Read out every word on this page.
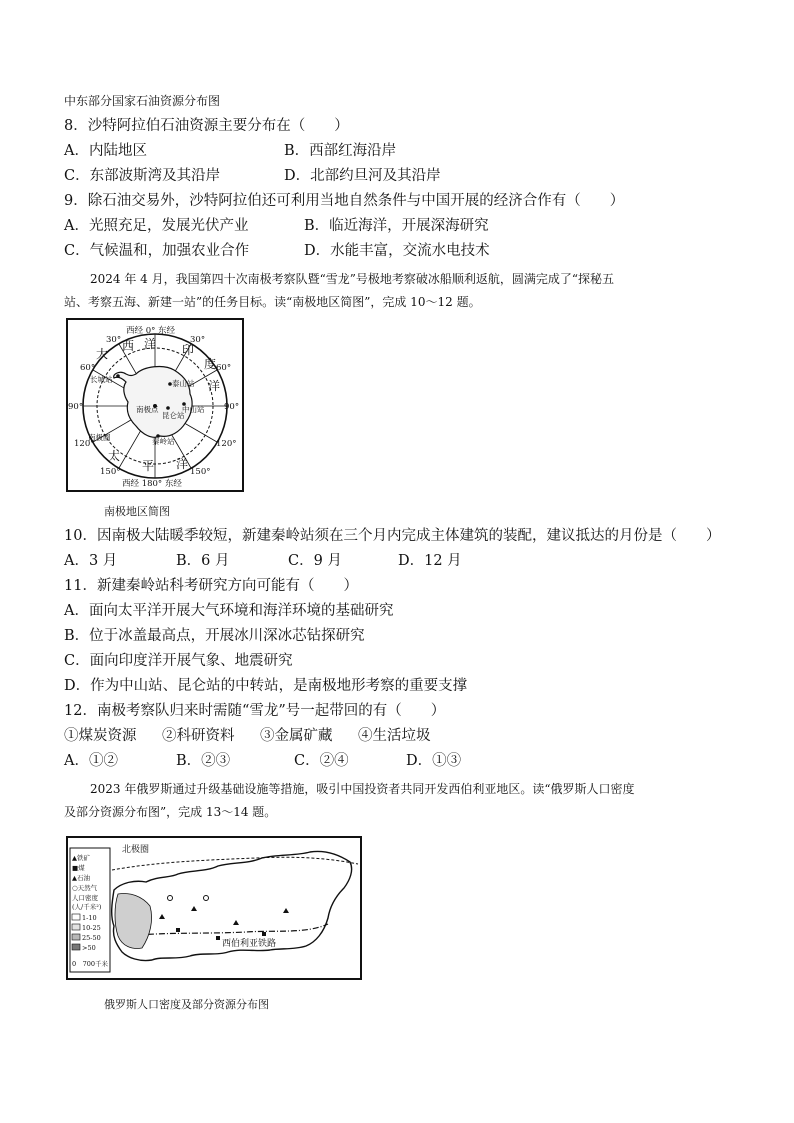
中东部分国家石油资源分布图
8．沙特阿拉伯石油资源主要分布在（　　）
A．内陆地区	B．西部红海沿岸
C．东部波斯湾及其沿岸	D．北部约旦河及其沿岸
9．除石油交易外，沙特阿拉伯还可利用当地自然条件与中国开展的经济合作有（　　）
A．光照充足，发展光伏产业	B．临近海洋，开展深海研究
C．气候温和，加强农业合作	D．水能丰富，交流水电技术
2024 年 4 月，我国第四十次南极考察队暨“雪龙”号极地考察破冰船顺利返航，圆满完成了“探秘五
站、考察五海、新建一站”的任务目标。读“南极地区简图”，完成 10～12 题。
西经 0° 东经
西经 180° 东经
30°	30°
60°	60°
90°	90°
120°	120°
150°	150°
大
西 洋 印
度
洋
太
平 洋
长城站
中山站
泰山站
昆仑站
南极点
秦岭站
南极圈
南极地区简图
10．因南极大陆暖季较短，新建秦岭站须在三个月内完成主体建筑的装配，建议抵达的月份是（　　）
A．3 月	B．6 月	C．9 月	D．12 月
11．新建秦岭站科考研究方向可能有（　　）
A．面向太平洋开展大气环境和海洋环境的基础研究
B．位于冰盖最高点，开展冰川深冰芯钻探研究
C．面向印度洋开展气象、地震研究
D．作为中山站、昆仑站的中转站，是南极地形考察的重要支撑
12．南极考察队归来时需随“雪龙”号一起带回的有（　　）
①煤炭资源 ②科研资料 ③金属矿藏 ④生活垃圾
A．①②	B．②③	C．②④	D．①③
2023 年俄罗斯通过升级基础设施等措施，吸引中国投资者共同开发西伯利亚地区。读“俄罗斯人口密度
及部分资源分布图”，完成 13～14 题。
北极圈
西伯利亚铁路
▲铁矿
■煤
▲石油
○天然气
人口密度
(人/千米²)
1-10
10-25
25-50
>50
0　700千米
俄罗斯人口密度及部分资源分布图
